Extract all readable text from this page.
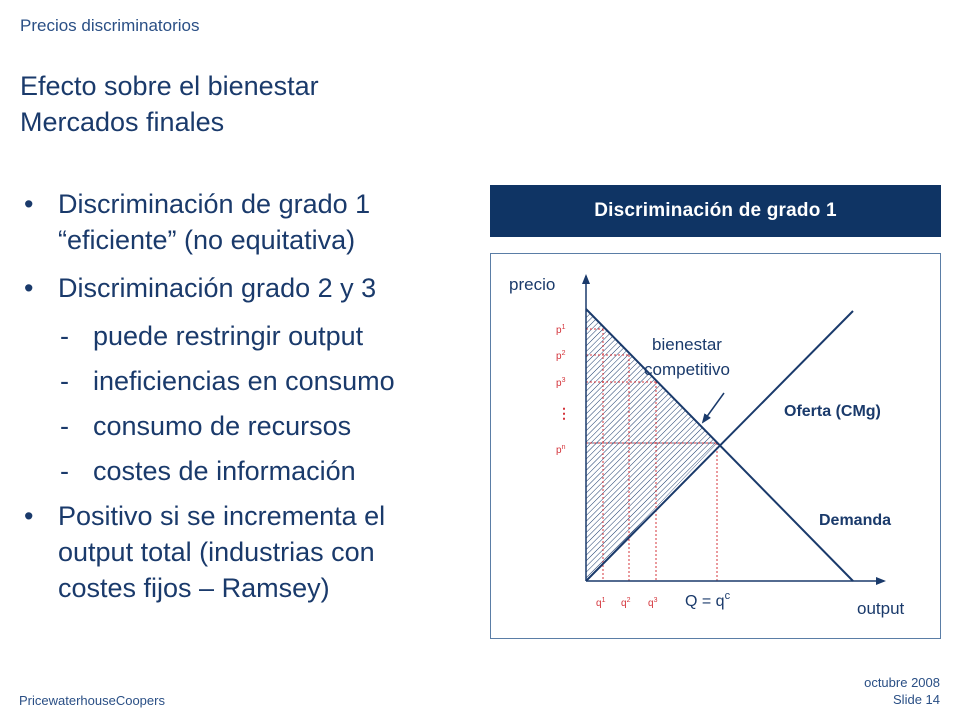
Precios discriminatorios
Efecto sobre el bienestar
Mercados finales
• Discriminación de grado 1
“eficiente” (no equitativa)
• Discriminación grado 2 y 3
- puede restringir output
- ineficiencias en consumo
- consumo de recursos
- costes de información
• Positivo si se incrementa el
output total (industrias con
costes fijos – Ramsey)
Discriminación de grado 1
precio
output
bienestar
competitivo
Oferta (CMg)
Demanda
$p^1$
$p^2$
$p^3$
⋮
$p^n$
$q^1$ $q^2$ $q^3$ $Q = q^c$
PricewaterhouseCoopers
octubre 2008
Slide 14
